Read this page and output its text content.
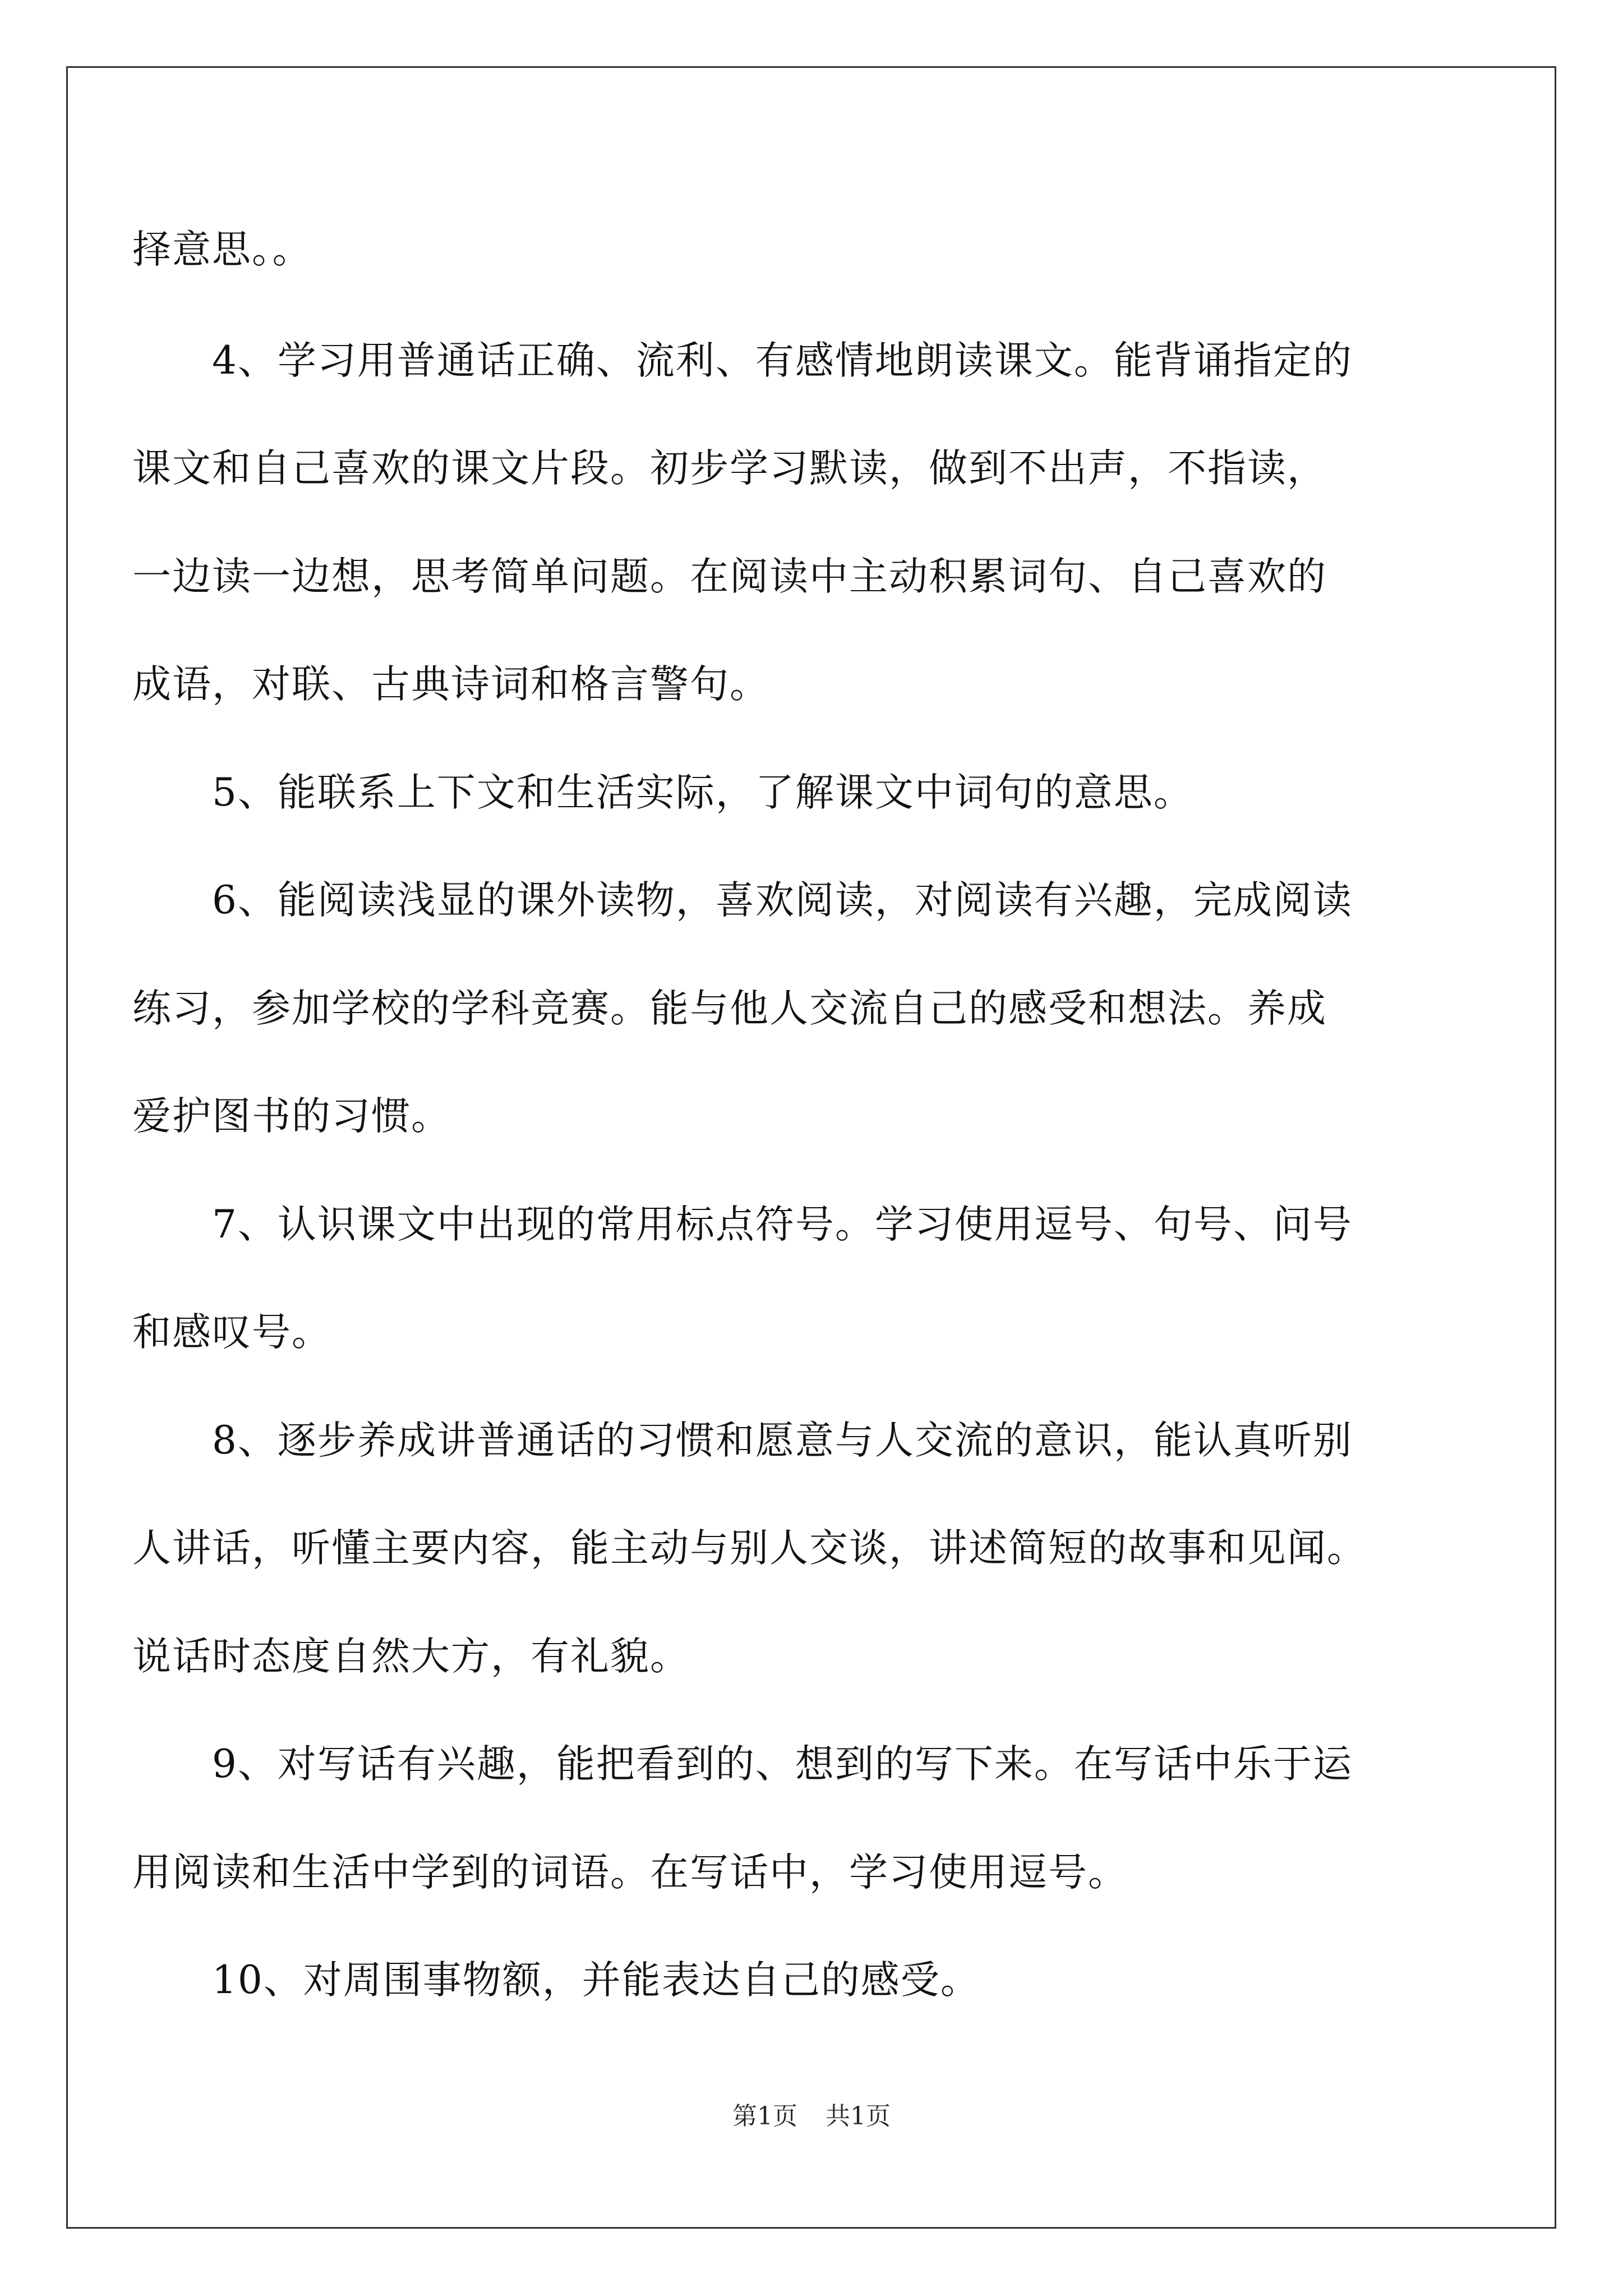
择意思。。
　　4、学习用普通话正确、流利、有感情地朗读课文。能背诵指定的
课文和自己喜欢的课文片段。初步学习默读，做到不出声，不指读，
一边读一边想，思考简单问题。在阅读中主动积累词句、自己喜欢的
成语，对联、古典诗词和格言警句。
　　5、能联系上下文和生活实际，了解课文中词句的意思。
　　6、能阅读浅显的课外读物，喜欢阅读，对阅读有兴趣，完成阅读
练习，参加学校的学科竞赛。能与他人交流自己的感受和想法。养成
爱护图书的习惯。
　　7、认识课文中出现的常用标点符号。学习使用逗号、句号、问号
和感叹号。
　　8、逐步养成讲普通话的习惯和愿意与人交流的意识，能认真听别
人讲话，听懂主要内容，能主动与别人交谈，讲述简短的故事和见闻。
说话时态度自然大方，有礼貌。
　　9、对写话有兴趣，能把看到的、想到的写下来。在写话中乐于运
用阅读和生活中学到的词语。在写话中，学习使用逗号。
　　10、对周围事物额，并能表达自己的感受。
第1页 共1页
